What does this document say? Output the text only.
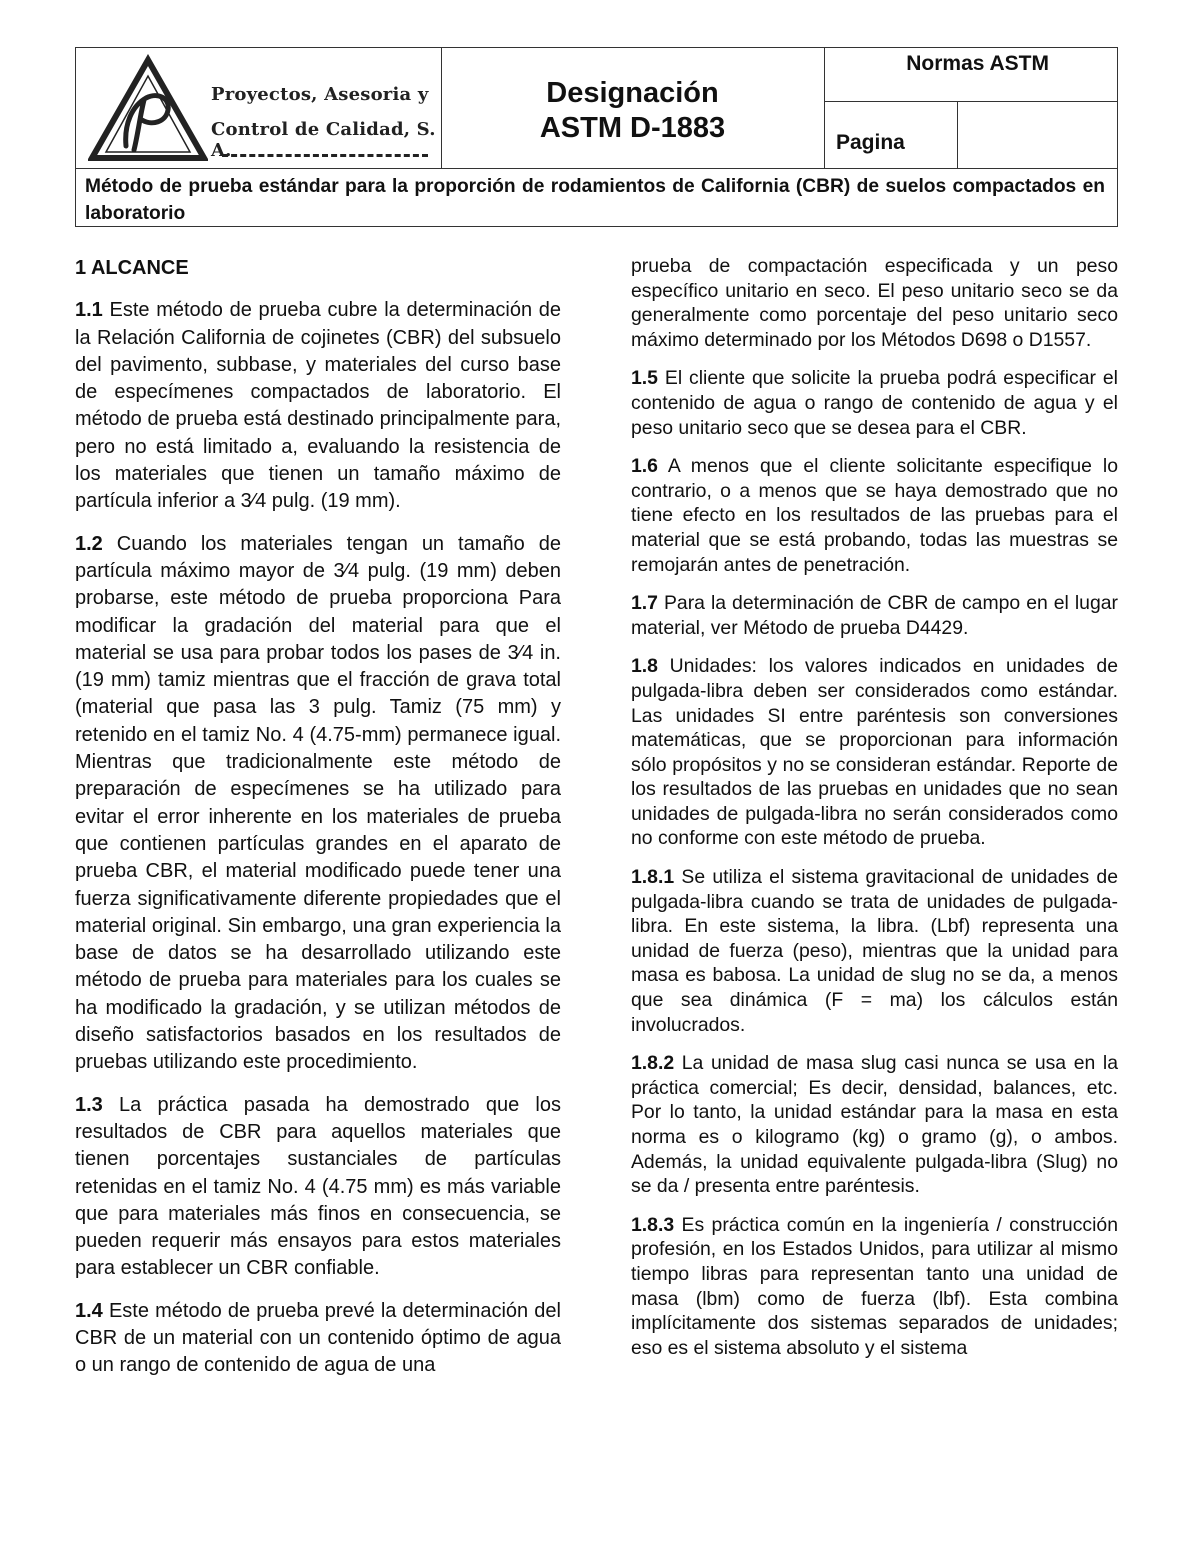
Proyectos, Asesoria y
Control de Calidad, S. A.
Designación
ASTM D-1883
Normas ASTM
Pagina
Método de prueba estándar para la proporción de rodamientos de California (CBR) de suelos compactados en laboratorio

1 ALCANCE

1.1 Este método de prueba cubre la determinación de la Relación California de cojinetes (CBR) del subsuelo del pavimento, subbase, y materiales del curso base de especímenes compactados de laboratorio. El método de prueba está destinado principalmente para, pero no está limitado a, evaluando la resistencia de los materiales que tienen un tamaño máximo de partícula inferior a 3⁄4 pulg. (19 mm).

1.2 Cuando los materiales tengan un tamaño de partícula máximo mayor de 3⁄4 pulg. (19 mm) deben probarse, este método de prueba proporciona Para modificar la gradación del material para que el material se usa para probar todos los pases de 3⁄4 in. (19 mm) tamiz mientras que el fracción de grava total (material que pasa las 3 pulg. Tamiz (75 mm) y retenido en el tamiz No. 4 (4.75-mm) permanece igual. Mientras que tradicionalmente este método de preparación de especímenes se ha utilizado para evitar el error inherente en los materiales de prueba que contienen partículas grandes en el aparato de prueba CBR, el material modificado puede tener una fuerza significativamente diferente propiedades que el material original. Sin embargo, una gran experiencia la base de datos se ha desarrollado utilizando este método de prueba para materiales para los cuales se ha modificado la gradación, y se utilizan métodos de diseño satisfactorios basados en los resultados de pruebas utilizando este procedimiento.

1.3 La práctica pasada ha demostrado que los resultados de CBR para aquellos materiales que tienen porcentajes sustanciales de partículas retenidas en el tamiz No. 4 (4.75 mm) es más variable que para materiales más finos en consecuencia, se pueden requerir más ensayos para estos materiales para establecer un CBR confiable.

1.4 Este método de prueba prevé la determinación del CBR de un material con un contenido óptimo de agua o un rango de contenido de agua de una

prueba de compactación especificada y un peso específico unitario en seco. El peso unitario seco se da generalmente como porcentaje del peso unitario seco máximo determinado por los Métodos D698 o D1557.

1.5 El cliente que solicite la prueba podrá especificar el contenido de agua o rango de contenido de agua y el peso unitario seco que se desea para el CBR.

1.6 A menos que el cliente solicitante especifique lo contrario, o a menos que se haya demostrado que no tiene efecto en los resultados de las pruebas para el material que se está probando, todas las muestras se remojarán antes de penetración.

1.7 Para la determinación de CBR de campo en el lugar material, ver Método de prueba D4429.

1.8 Unidades: los valores indicados en unidades de pulgada-libra deben ser considerados como estándar. Las unidades SI entre paréntesis son conversiones matemáticas, que se proporcionan para información sólo propósitos y no se consideran estándar. Reporte de los resultados de las pruebas en unidades que no sean unidades de pulgada-libra no serán considerados como no conforme con este método de prueba.

1.8.1 Se utiliza el sistema gravitacional de unidades de pulgada-libra cuando se trata de unidades de pulgada-libra. En este sistema, la libra. (Lbf) representa una unidad de fuerza (peso), mientras que la unidad para masa es babosa. La unidad de slug no se da, a menos que sea dinámica (F = ma) los cálculos están involucrados.

1.8.2 La unidad de masa slug casi nunca se usa en la práctica comercial; Es decir, densidad, balances, etc. Por lo tanto, la unidad estándar para la masa en esta norma es o kilogramo (kg) o gramo (g), o ambos. Además, la unidad equivalente pulgada-libra (Slug) no se da / presenta entre paréntesis.

1.8.3 Es práctica común en la ingeniería / construcción profesión, en los Estados Unidos, para utilizar al mismo tiempo libras para representan tanto una unidad de masa (lbm) como de fuerza (lbf). Esta combina implícitamente dos sistemas separados de unidades; eso es el sistema absoluto y el sistema
